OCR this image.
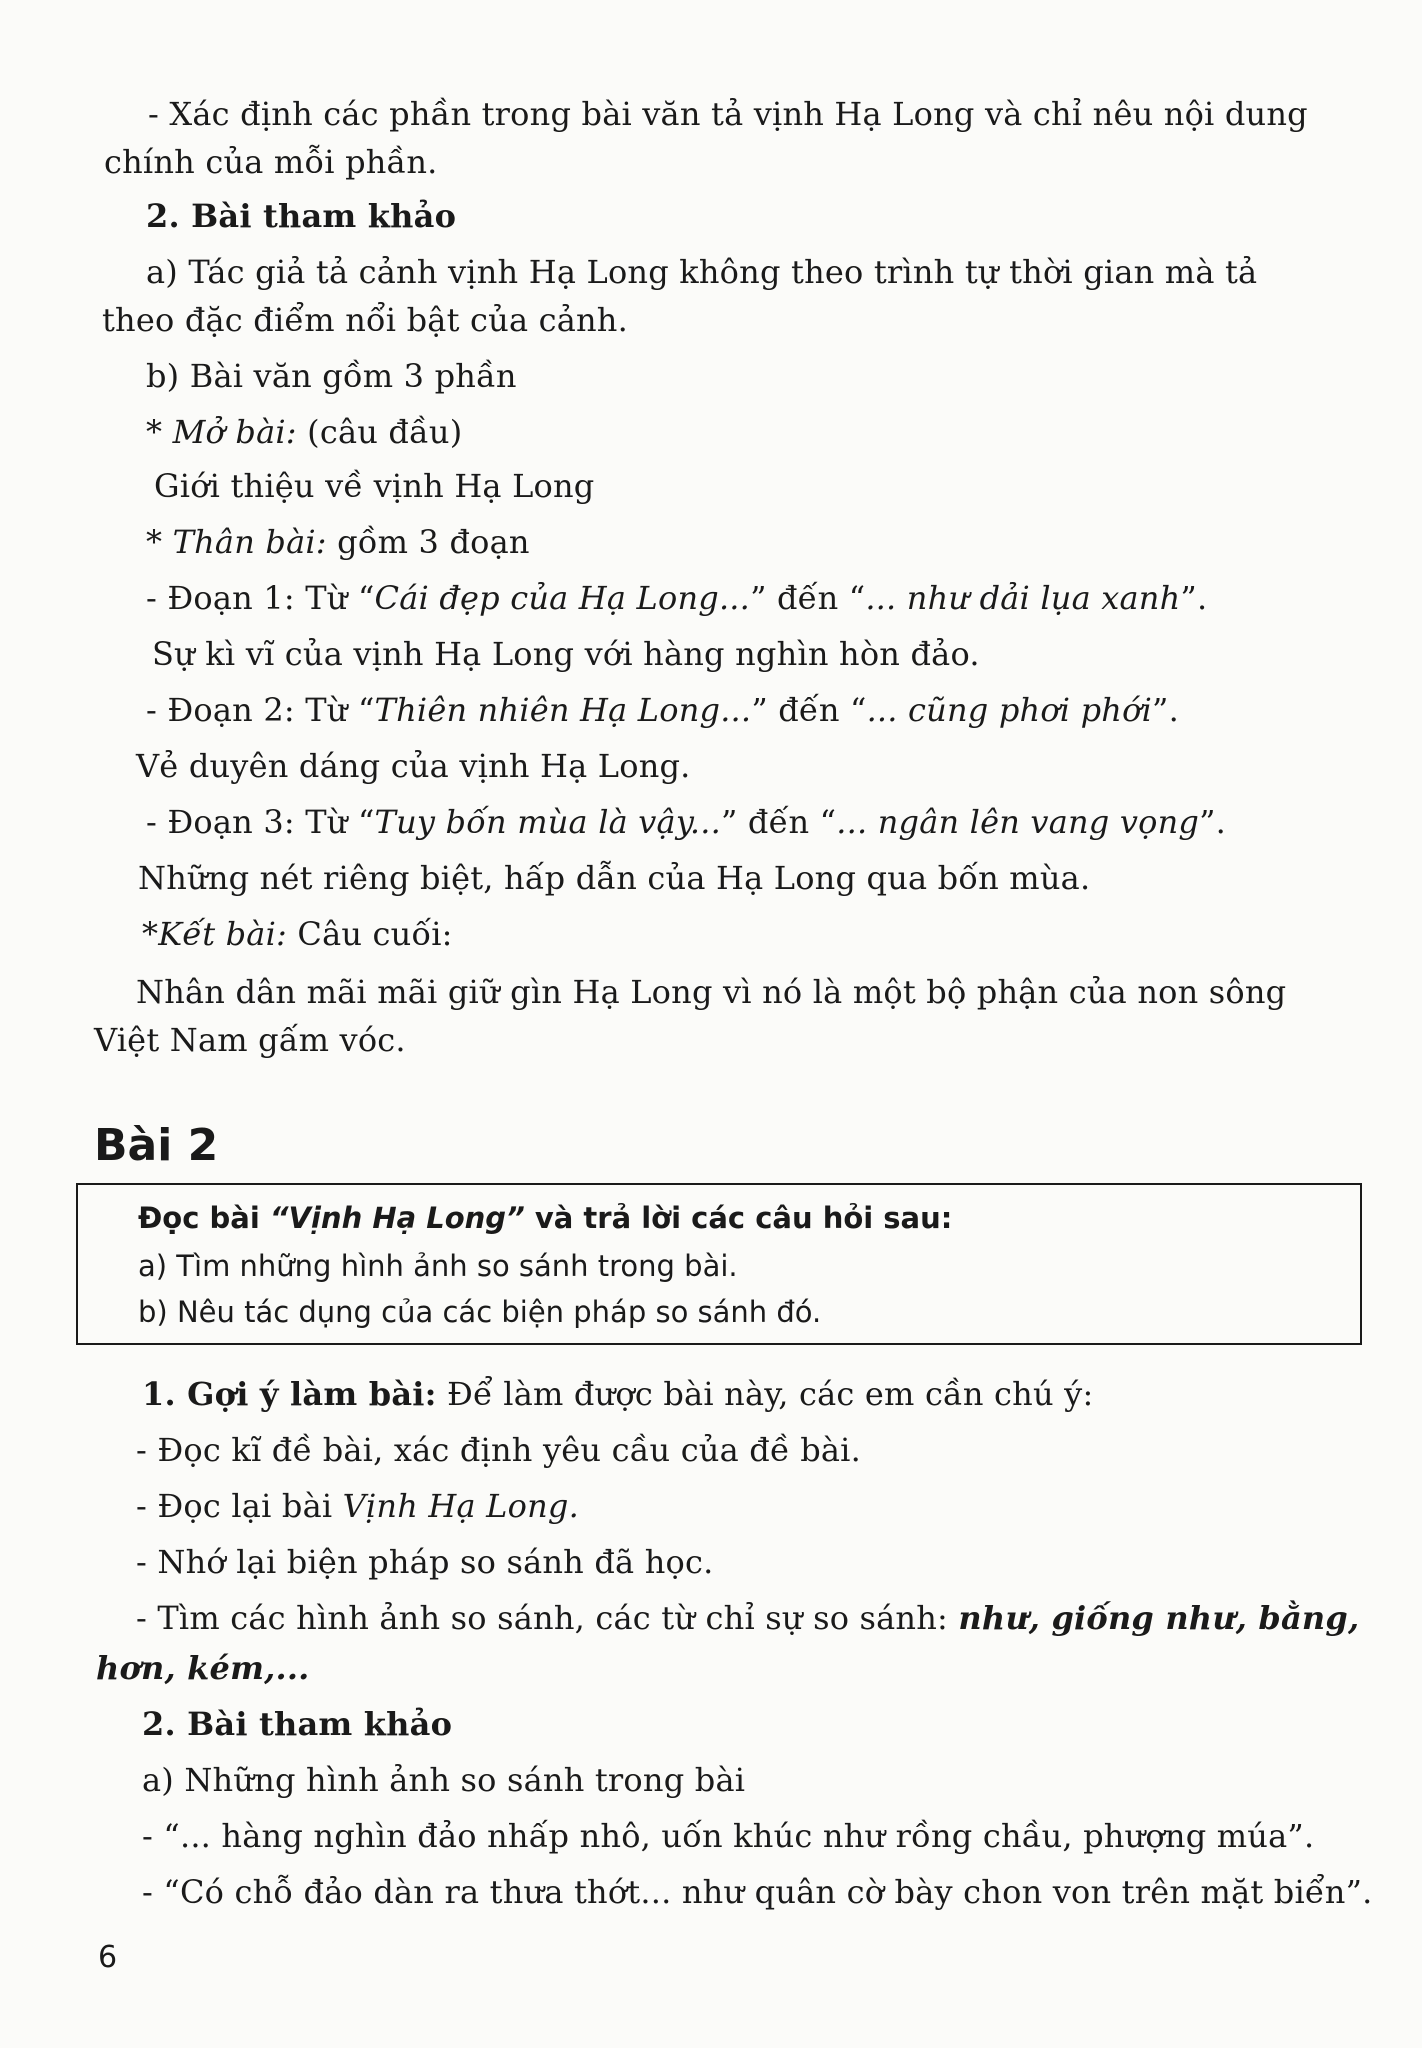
- Xác định các phần trong bài văn tả vịnh Hạ Long và chỉ nêu nội dung
chính của mỗi phần.
2. Bài tham khảo
a) Tác giả tả cảnh vịnh Hạ Long không theo trình tự thời gian mà tả
theo đặc điểm nổi bật của cảnh.
b) Bài văn gồm 3 phần
* Mở bài: (câu đầu)
Giới thiệu về vịnh Hạ Long
* Thân bài: gồm 3 đoạn
- Đoạn 1: Từ “Cái đẹp của Hạ Long...” đến “... như dải lụa xanh”.
Sự kì vĩ của vịnh Hạ Long với hàng nghìn hòn đảo.
- Đoạn 2: Từ “Thiên nhiên Hạ Long...” đến “... cũng phơi phới”.
Vẻ duyên dáng của vịnh Hạ Long.
- Đoạn 3: Từ “Tuy bốn mùa là vậy...” đến “... ngân lên vang vọng”.
Những nét riêng biệt, hấp dẫn của Hạ Long qua bốn mùa.
*Kết bài: Câu cuối:
Nhân dân mãi mãi giữ gìn Hạ Long vì nó là một bộ phận của non sông
Việt Nam gấm vóc.
Bài 2
Đọc bài “Vịnh Hạ Long” và trả lời các câu hỏi sau:
a) Tìm những hình ảnh so sánh trong bài.
b) Nêu tác dụng của các biện pháp so sánh đó.
1. Gợi ý làm bài: Để làm được bài này, các em cần chú ý:
- Đọc kĩ đề bài, xác định yêu cầu của đề bài.
- Đọc lại bài Vịnh Hạ Long.
- Nhớ lại biện pháp so sánh đã học.
- Tìm các hình ảnh so sánh, các từ chỉ sự so sánh: như, giống như, bằng,
hơn, kém,...
2. Bài tham khảo
a) Những hình ảnh so sánh trong bài
- “... hàng nghìn đảo nhấp nhô, uốn khúc như rồng chầu, phượng múa”.
- “Có chỗ đảo dàn ra thưa thớt... như quân cờ bày chon von trên mặt biển”.
6
